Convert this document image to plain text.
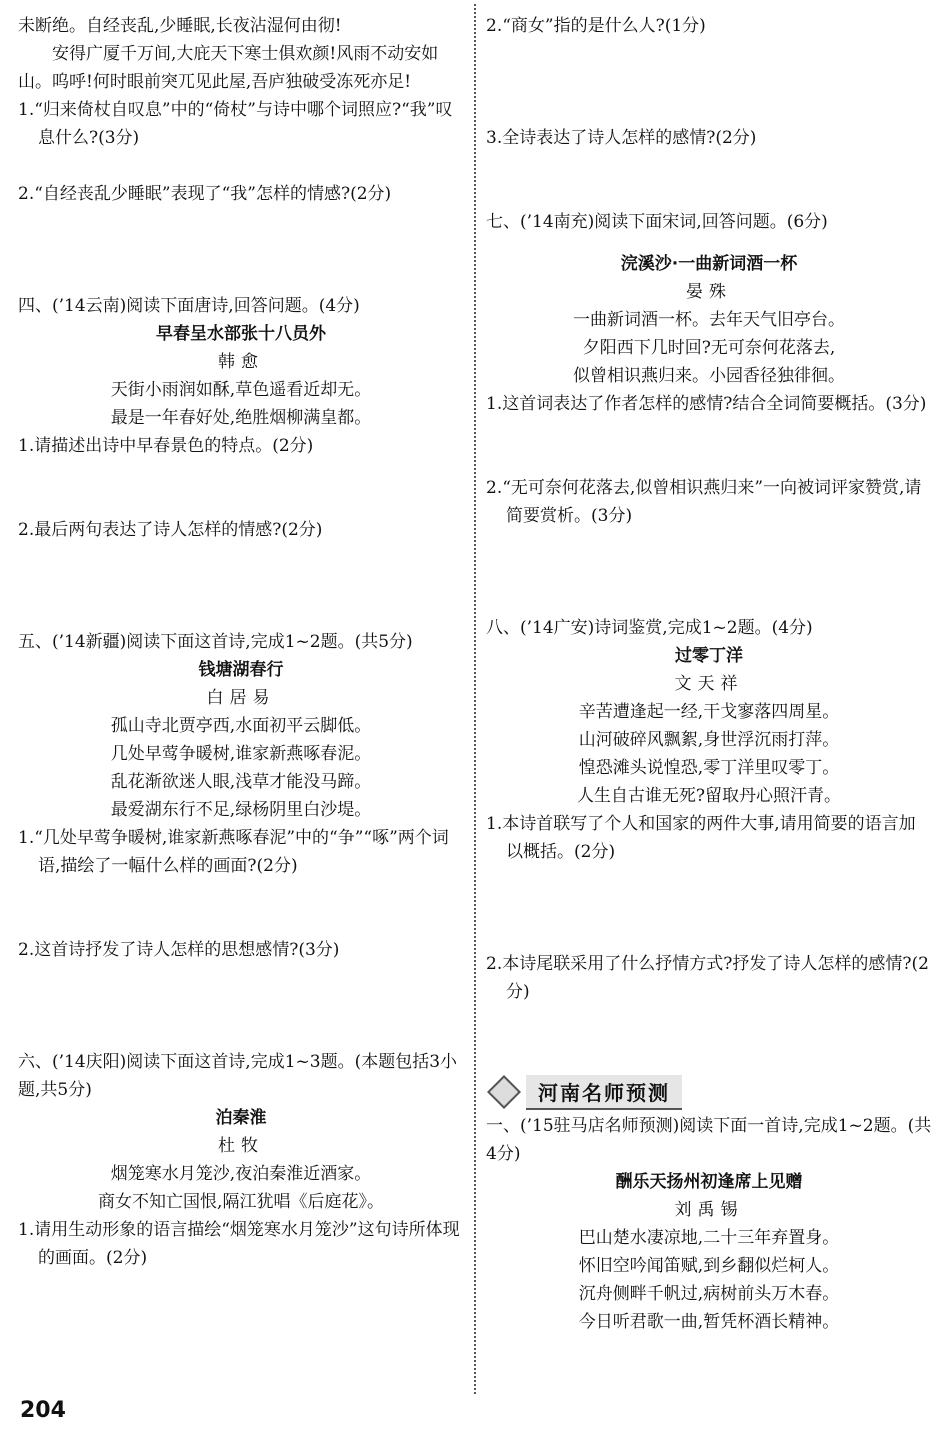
未断绝。自经丧乱,少睡眠,长夜沾湿何由彻!

安得广厦千万间,大庇天下寒士俱欢颜!风雨不动安如山。呜呼!何时眼前突兀见此屋,吾庐独破受冻死亦足!

1.“归来倚杖自叹息”中的“倚杖”与诗中哪个词照应?“我”叹息什么?(3分)

2.“自经丧乱少睡眠”表现了“我”怎样的情感?(2分)

四、(’14云南)阅读下面唐诗,回答问题。(4分)

早春呈水部张十八员外

韩愈

天街小雨润如酥,草色遥看近却无。

最是一年春好处,绝胜烟柳满皇都。

1.请描述出诗中早春景色的特点。(2分)

2.最后两句表达了诗人怎样的情感?(2分)

五、(’14新疆)阅读下面这首诗,完成1~2题。(共5分)

钱塘湖春行

白居易

孤山寺北贾亭西,水面初平云脚低。

几处早莺争暖树,谁家新燕啄春泥。

乱花渐欲迷人眼,浅草才能没马蹄。

最爱湖东行不足,绿杨阴里白沙堤。

1.“几处早莺争暖树,谁家新燕啄春泥”中的“争”“啄”两个词语,描绘了一幅什么样的画面?(2分)

2.这首诗抒发了诗人怎样的思想感情?(3分)

六、(’14庆阳)阅读下面这首诗,完成1~3题。(本题包括3小题,共5分)

泊秦淮

杜牧

烟笼寒水月笼沙,夜泊秦淮近酒家。

商女不知亡国恨,隔江犹唱《后庭花》。

1.请用生动形象的语言描绘“烟笼寒水月笼沙”这句诗所体现的画面。(2分)

2.“商女”指的是什么人?(1分)

3.全诗表达了诗人怎样的感情?(2分)

七、(’14南充)阅读下面宋词,回答问题。(6分)

浣溪沙·一曲新词酒一杯

晏殊

一曲新词酒一杯。去年天气旧亭台。

夕阳西下几时回?无可奈何花落去,

似曾相识燕归来。小园香径独徘徊。

1.这首词表达了作者怎样的感情?结合全词简要概括。(3分)

2.“无可奈何花落去,似曾相识燕归来”一向被词评家赞赏,请简要赏析。(3分)

八、(’14广安)诗词鉴赏,完成1~2题。(4分)

过零丁洋

文天祥

辛苦遭逢起一经,干戈寥落四周星。

山河破碎风飘絮,身世浮沉雨打萍。

惶恐滩头说惶恐,零丁洋里叹零丁。

人生自古谁无死?留取丹心照汗青。

1.本诗首联写了个人和国家的两件大事,请用简要的语言加以概括。(2分)

2.本诗尾联采用了什么抒情方式?抒发了诗人怎样的感情?(2分)

河南名师预测

一、(’15驻马店名师预测)阅读下面一首诗,完成1~2题。(共4分)

酬乐天扬州初逢席上见赠

刘禹锡

巴山楚水凄凉地,二十三年弃置身。

怀旧空吟闻笛赋,到乡翻似烂柯人。

沉舟侧畔千帆过,病树前头万木春。

今日听君歌一曲,暂凭杯酒长精神。

204
